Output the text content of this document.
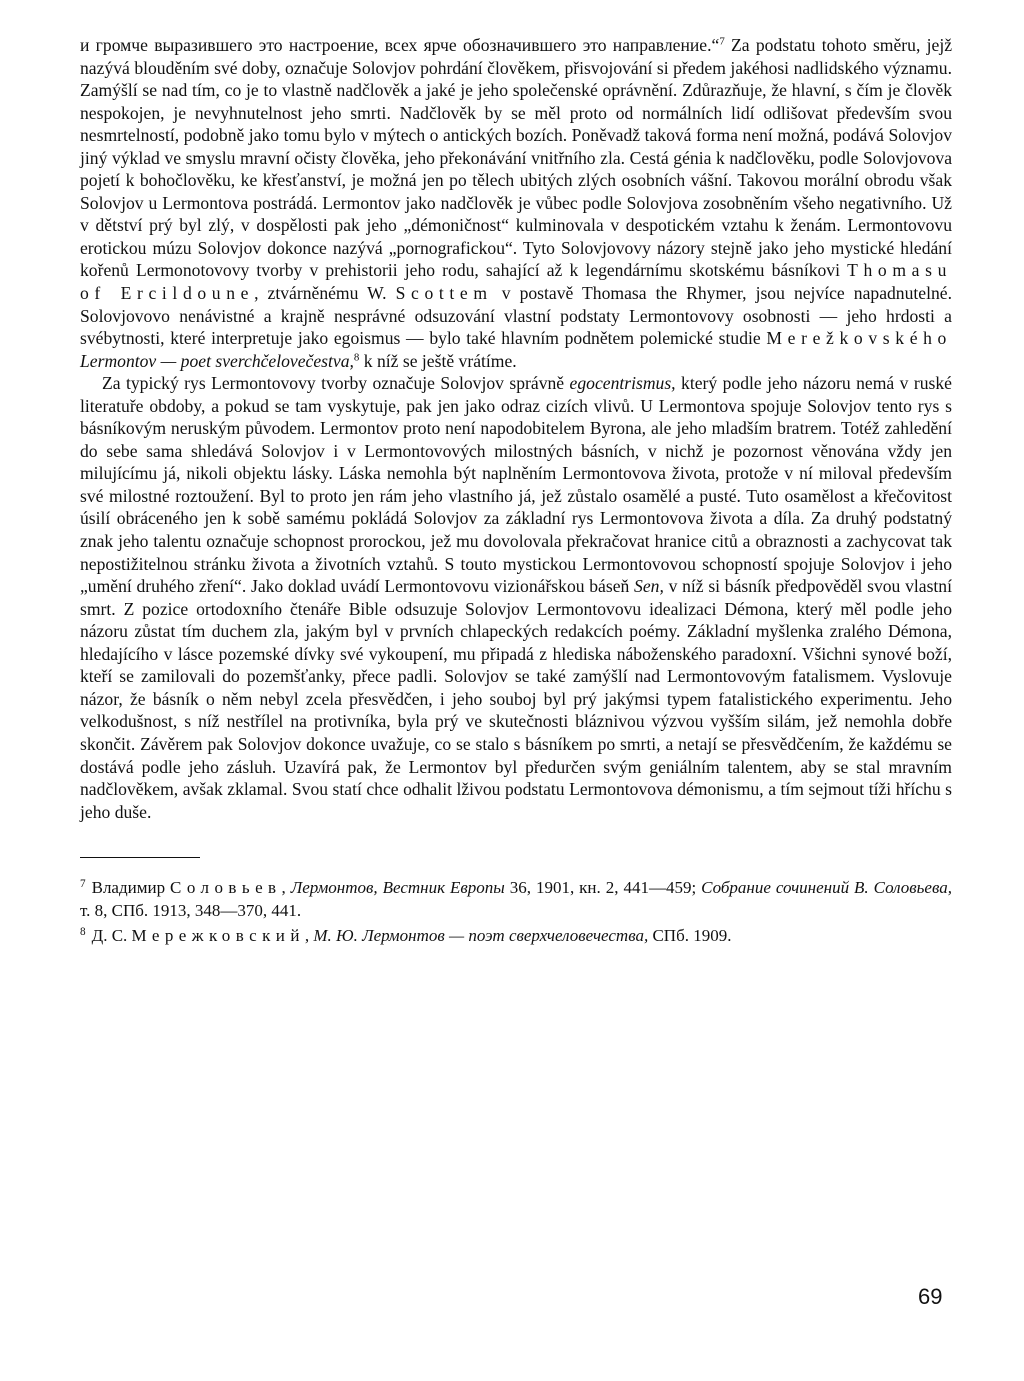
и громче выразившего это настроение, всех ярче обозначившего это направление.“$^7$ Za podstatu tohoto směru, jejž nazývá blouděním své doby, označuje Solovjov pohrdání člověkem, přisvojování si předem jakéhosi nadlidského významu. Zamýšlí se nad tím, co je to vlastně nadčlověk a jaké je jeho společenské oprávnění. Zdůrazňuje, že hlavní, s čím je člověk nespokojen, je nevyhnutelnost jeho smrti. Nadčlověk by se měl proto od normálních lidí odlišovat především svou nesmrtelností, podobně jako tomu bylo v mýtech o antických bozích. Poněvadž taková forma není možná, podává Solovjov jiný výklad ve smyslu mravní očisty člověka, jeho překonávání vnitřního zla. Cestá génia k nadčlověku, podle Solovjovova pojetí k bohočlověku, ke křesťanství, je možná jen po tělech ubitých zlých osobních vášní. Takovou morální obrodu však Solovjov u Lermontova postrádá. Lermontov jako nadčlověk je vůbec podle Solovjova zosobněním všeho negativního. Už v dětství prý byl zlý, v dospělosti pak jeho „démoničnost“ kulminovala v despotickém vztahu k ženám. Lermontovovu erotickou múzu Solovjov dokonce nazývá „pornografickou“. Tyto Solovjovovy názory stejně jako jeho mystické hledání kořenů Lermonotovovy tvorby v prehistorii jeho rodu, sahající až k legendárnímu skotskému básníkovi Thomasu of Ercildoune, ztvárněnému W. Scottem v postavě Thomasa the Rhymer, jsou nejvíce napadnutelné. Solovjovovo nenávistné a krajně nesprávné odsuzování vlastní podstaty Lermontovovy osobnosti — jeho hrdosti a svébytnosti, které interpretuje jako egoismus — bylo také hlavním podnětem polemické studie Merežkovského Lermontov — poet sverchčelovečestva,$^8$ k níž se ještě vrátíme.

Za typický rys Lermontovovy tvorby označuje Solovjov správně egocentrismus, který podle jeho názoru nemá v ruské literatuře obdoby, a pokud se tam vyskytuje, pak jen jako odraz cizích vlivů. U Lermontova spojuje Solovjov tento rys s básníkovým neruským původem. Lermontov proto není napodobitelem Byrona, ale jeho mladším bratrem. Totéž zahledění do sebe sama shledává Solovjov i v Lermontovových milostných básních, v nichž je pozornost věnována vždy jen milujícímu já, nikoli objektu lásky. Láska nemohla být naplněním Lermontovova života, protože v ní miloval především své milostné roztoužení. Byl to proto jen rám jeho vlastního já, jež zůstalo osamělé a pusté. Tuto osamělost a křečovitost úsilí obráceného jen k sobě samému pokládá Solovjov za základní rys Lermontovova života a díla. Za druhý podstatný znak jeho talentu označuje schopnost prorockou, jež mu dovolovala překračovat hranice citů a obraznosti a zachycovat tak nepostižitelnou stránku života a životních vztahů. S touto mystickou Lermontovovou schopností spojuje Solovjov i jeho „umění druhého zření“. Jako doklad uvádí Lermontovovu vizionářskou báseň Sen, v níž si básník předpověděl svou vlastní smrt. Z pozice ortodoxního čtenáře Bible odsuzuje Solovjov Lermontovovu idealizaci Démona, který měl podle jeho názoru zůstat tím duchem zla, jakým byl v prvních chlapeckých redakcích poémy. Základní myšlenka zralého Démona, hledajícího v lásce pozemské dívky své vykoupení, mu připadá z hlediska náboženského paradoxní. Všichni synové boží, kteří se zamilovali do pozemšťanky, přece padli. Solovjov se také zamýšlí nad Lermontovovým fatalismem. Vyslovuje názor, že básník o něm nebyl zcela přesvědčen, i jeho souboj byl prý jakýmsi typem fatalistického experimentu. Jeho velkodušnost, s níž nestřílel na protivníka, byla prý ve skutečnosti bláznivou výzvou vyšším silám, jež nemohla dobře skončit. Závěrem pak Solovjov dokonce uvažuje, co se stalo s básníkem po smrti, a netají se přesvědčením, že každému se dostává podle jeho zásluh. Uzavírá pak, že Lermontov byl předurčen svým geniálním talentem, aby se stal mravním nadčlověkem, avšak zklamal. Svou statí chce odhalit lživou podstatu Lermontovova démonismu, a tím sejmout tíži hříchu s jeho duše.

$^7$ Владимир Соловьев, Лермонтов, Вестник Европы 36, 1901, кн. 2, 441—459; Собрание сочинений В. Соловьева, т. 8, СПб. 1913, 348—370, 441.

$^8$ Д. С. Мережковский, М. Ю. Лермонтов — поэт сверхчеловечества, СПб. 1909.

69
